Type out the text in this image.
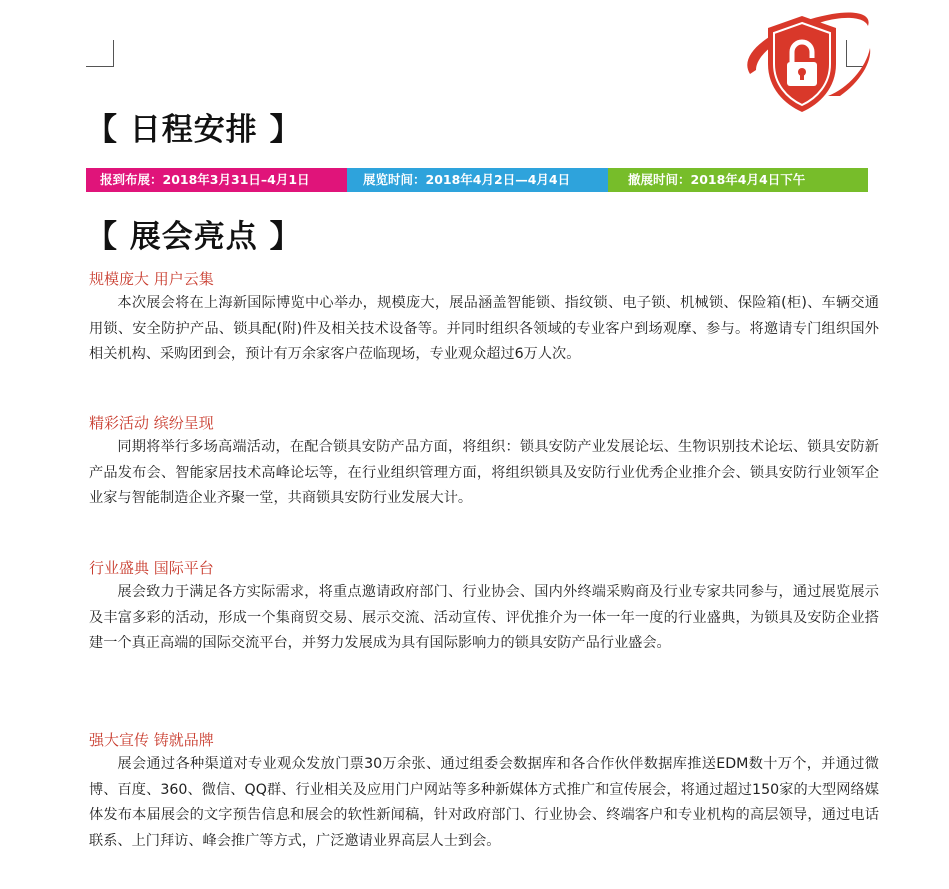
【 日程安排 】
报到布展：2018年3月31日–4月1日	展览时间：2018年4月2日—4月4日	撤展时间：2018年4月4日下午
【 展会亮点 】
规模庞大 用户云集

本次展会将在上海新国际博览中心举办，规模庞大，展品涵盖智能锁、指纹锁、电子锁、机械锁、保险箱(柜)、车辆交通用锁、安全防护产品、锁具配(附)件及相关技术设备等。并同时组织各领域的专业客户到场观摩、参与。将邀请专门组织国外相关机构、采购团到会，预计有万余家客户莅临现场，专业观众超过6万人次。

精彩活动 缤纷呈现

同期将举行多场高端活动，在配合锁具安防产品方面，将组织：锁具安防产业发展论坛、生物识别技术论坛、锁具安防新产品发布会、智能家居技术高峰论坛等，在行业组织管理方面，将组织锁具及安防行业优秀企业推介会、锁具安防行业领军企业家与智能制造企业齐聚一堂，共商锁具安防行业发展大计。

行业盛典 国际平台

展会致力于满足各方实际需求，将重点邀请政府部门、行业协会、国内外终端采购商及行业专家共同参与，通过展览展示及丰富多彩的活动，形成一个集商贸交易、展示交流、活动宣传、评优推介为一体一年一度的行业盛典，为锁具及安防企业搭建一个真正高端的国际交流平台，并努力发展成为具有国际影响力的锁具安防产品行业盛会。

强大宣传 铸就品牌

展会通过各种渠道对专业观众发放门票30万余张、通过组委会数据库和各合作伙伴数据库推送EDM数十万个，并通过微博、百度、360、微信、QQ群、行业相关及应用门户网站等多种新媒体方式推广和宣传展会，将通过超过150家的大型网络媒体发布本届展会的文字预告信息和展会的软性新闻稿，针对政府部门、行业协会、终端客户和专业机构的高层领导，通过电话联系、上门拜访、峰会推广等方式，广泛邀请业界高层人士到会。
